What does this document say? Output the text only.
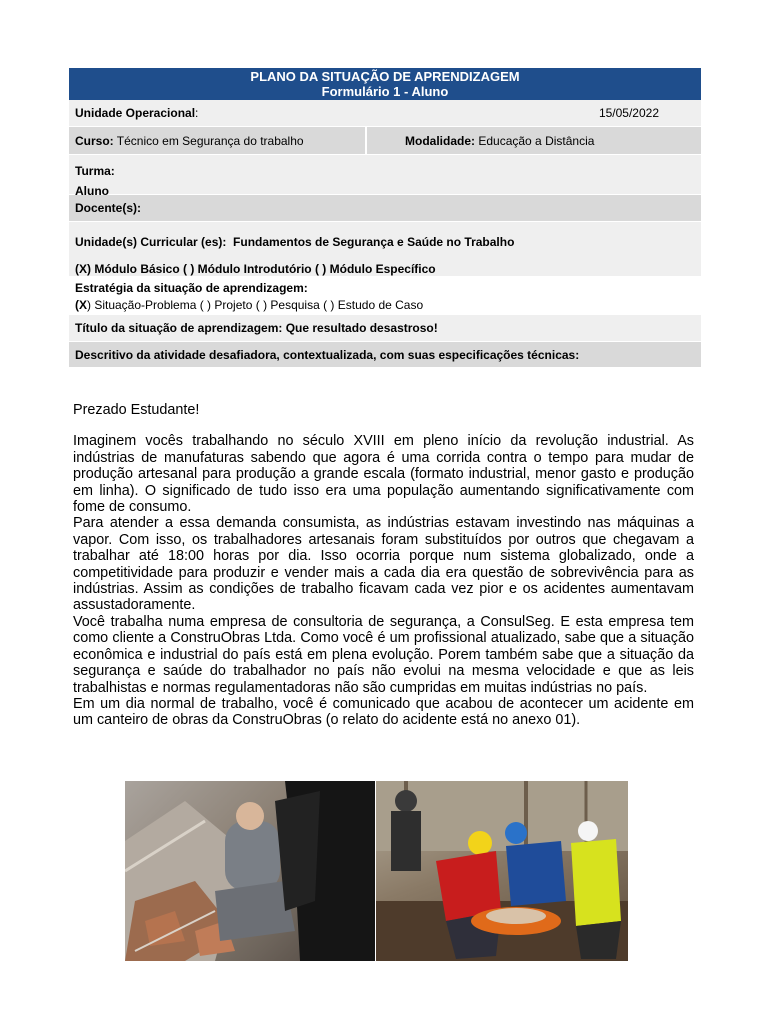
PLANO DA SITUAÇÃO DE APRENDIZAGEM
Formulário 1 - Aluno
Unidade Operacional:	15/05/2022
Curso: Técnico em Segurança do trabalho	Modalidade: Educação a Distância
Turma:
Aluno
Docente(s):
Unidade(s) Curricular (es):  Fundamentos de Segurança e Saúde no Trabalho
(X) Módulo Básico ( ) Módulo Introdutório ( ) Módulo Específico
Estratégia da situação de aprendizagem:
(X) Situação-Problema ( ) Projeto ( ) Pesquisa ( ) Estudo de Caso
Título da situação de aprendizagem: Que resultado desastroso!
Descritivo da atividade desafiadora, contextualizada, com suas especificações técnicas:

Prezado Estudante!

Imaginem vocês trabalhando no século XVIII em pleno início da revolução industrial. As indústrias de manufaturas sabendo que agora é uma corrida contra o tempo para mudar de produção artesanal para produção a grande escala (formato industrial, menor gasto e produção em linha). O significado de tudo isso era uma população aumentando significativamente com fome de consumo.

Para atender a essa demanda consumista, as indústrias estavam investindo nas máquinas a vapor. Com isso, os trabalhadores artesanais foram substituídos por outros que chegavam a trabalhar até 18:00 horas por dia. Isso ocorria porque num sistema globalizado, onde a competitividade para produzir e vender mais a cada dia era questão de sobrevivência para as indústrias. Assim as condições de trabalho ficavam cada vez pior e os acidentes aumentavam assustadoramente.

Você trabalha numa empresa de consultoria de segurança, a ConsulSeg. E esta empresa tem como cliente a ConstruObras Ltda. Como você é um profissional atualizado, sabe que a situação econômica e industrial do país está em plena evolução. Porem também sabe que a situação da segurança e saúde do trabalhador no país não evolui na mesma velocidade e que as leis trabalhistas e normas regulamentadoras não são cumpridas em muitas indústrias no país.

Em um dia normal de trabalho, você é comunicado que acabou de acontecer um acidente em um canteiro de obras da ConstruObras (o relato do acidente está no anexo 01).
